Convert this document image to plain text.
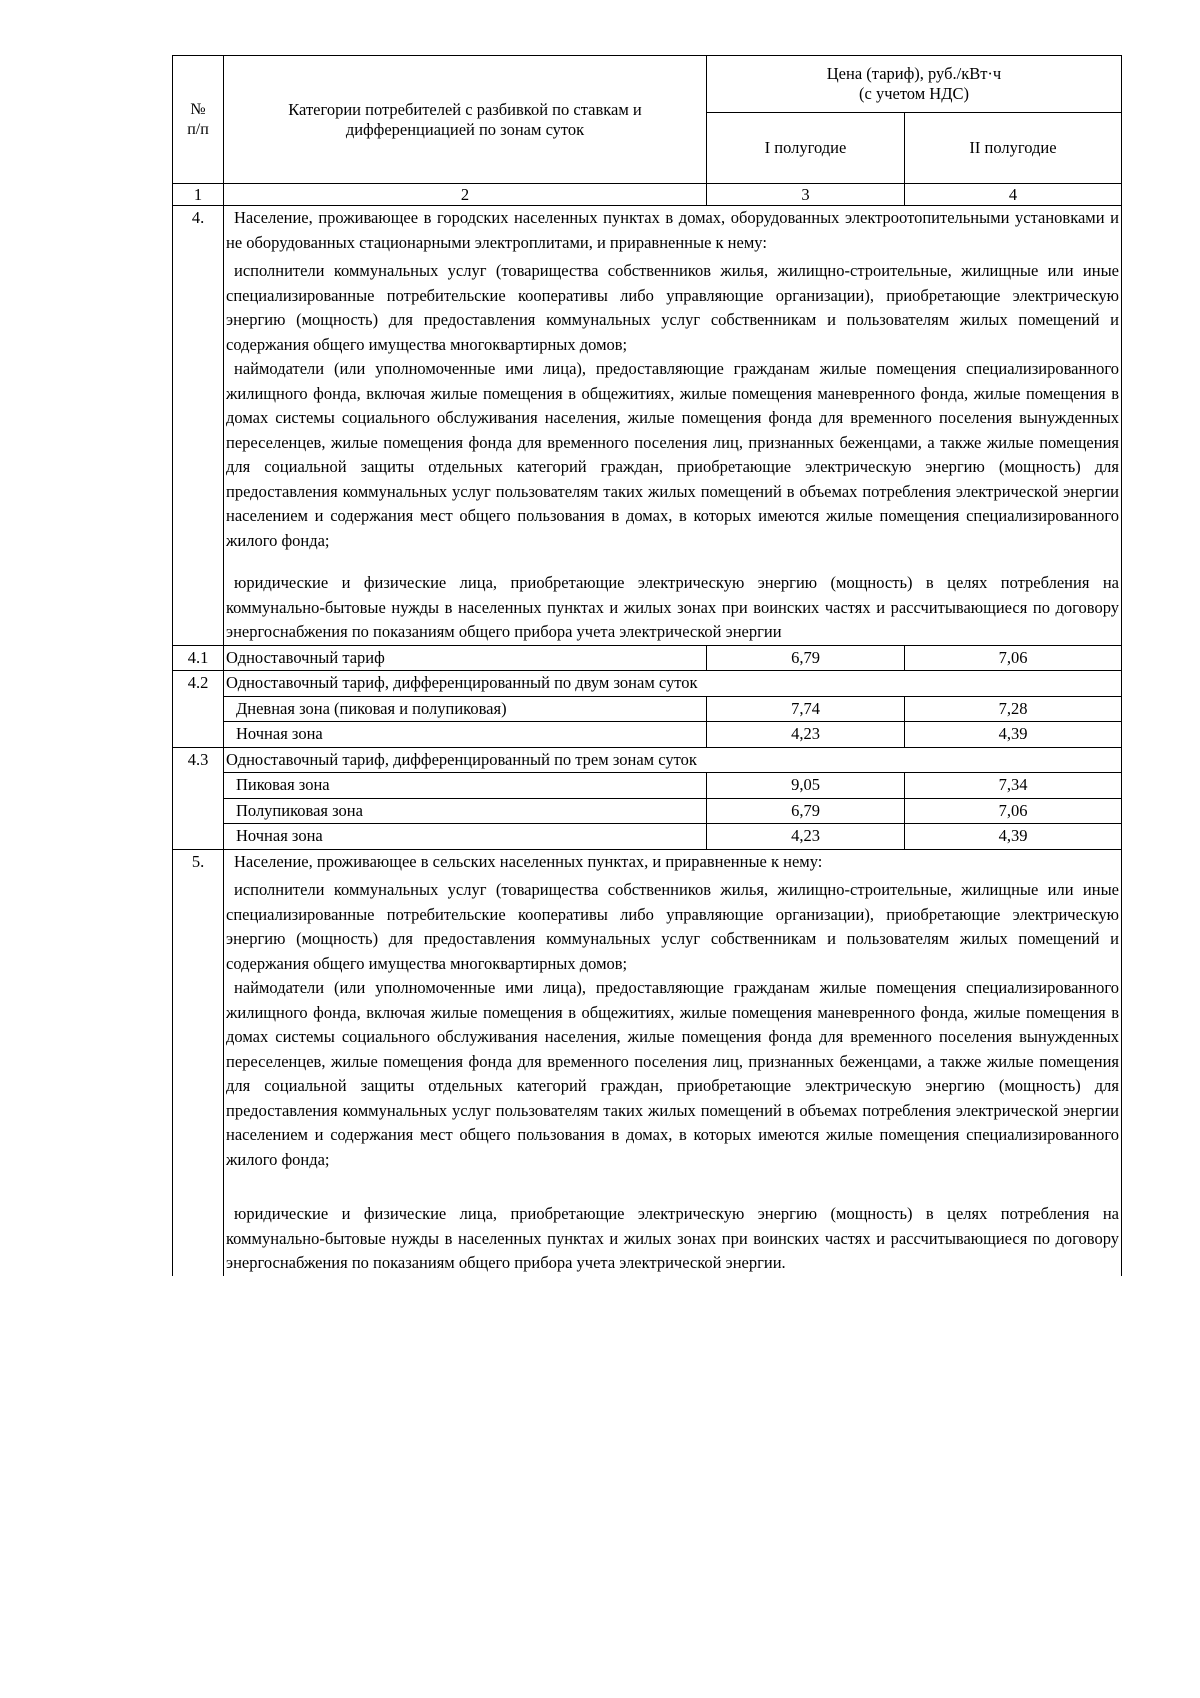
№
п/п	Категории потребителей с разбивкой по ставкам и дифференциацией по зонам суток	Цена (тариф), руб./кВт·ч
(с учетом НДС)	
		I полугодие	II полугодие
1	2	3	4
4.	Население, проживающее в городских населенных пунктах в домах, оборудованных электроотопительными установками и не оборудованных стационарными электроплитами, и приравненные к нему:
исполнители коммунальных услуг (товарищества собственников жилья, жилищно-строительные, жилищные или иные специализированные потребительские кооперативы либо управляющие организации), приобретающие электрическую энергию (мощность) для предоставления коммунальных услуг собственникам и пользователям жилых помещений и содержания общего имущества многоквартирных домов;
наймодатели (или уполномоченные ими лица), предоставляющие гражданам жилые помещения специализированного жилищного фонда, включая жилые помещения в общежитиях, жилые помещения маневренного фонда, жилые помещения в домах системы социального обслуживания населения, жилые помещения фонда для временного поселения вынужденных переселенцев, жилые помещения фонда для временного поселения лиц, признанных беженцами, а также жилые помещения для социальной защиты отдельных категорий граждан, приобретающие электрическую энергию (мощность) для предоставления коммунальных услуг пользователям таких жилых помещений в объемах потребления электрической энергии населением и содержания мест общего пользования в домах, в которых имеются жилые помещения специализированного жилого фонда;
юридические и физические лица, приобретающие электрическую энергию (мощность) в целях потребления на коммунально-бытовые нужды в населенных пунктах и жилых зонах при воинских частях и рассчитывающиеся по договору энергоснабжения по показаниям общего прибора учета электрической энергии		

4.1	Одноставочный тариф	6,79	7,06
4.2	Одноставочный тариф, дифференцированный по двум зонам суток		
	Дневная зона (пиковая и полупиковая)	7,74	7,28
	Ночная зона	4,23	4,39
4.3	Одноставочный тариф, дифференцированный по трем зонам суток		
	Пиковая зона	9,05	7,34
	Полупиковая зона	6,79	7,06
	Ночная зона	4,23	4,39
5.	Население, проживающее в сельских населенных пунктах, и приравненные к нему:
исполнители коммунальных услуг (товарищества собственников жилья, жилищно-строительные, жилищные или иные специализированные потребительские кооперативы либо управляющие организации), приобретающие электрическую энергию (мощность) для предоставления коммунальных услуг собственникам и пользователям жилых помещений и содержания общего имущества многоквартирных домов;
наймодатели (или уполномоченные ими лица), предоставляющие гражданам жилые помещения специализированного жилищного фонда, включая жилые помещения в общежитиях, жилые помещения маневренного фонда, жилые помещения в домах системы социального обслуживания населения, жилые помещения фонда для временного поселения вынужденных переселенцев, жилые помещения фонда для временного поселения лиц, признанных беженцами, а также жилые помещения для социальной защиты отдельных категорий граждан, приобретающие электрическую энергию (мощность) для предоставления коммунальных услуг пользователям таких жилых помещений в объемах потребления электрической энергии населением и содержания мест общего пользования в домах, в которых имеются жилые помещения специализированного жилого фонда;
юридические и физические лица, приобретающие электрическую энергию (мощность) в целях потребления на коммунально-бытовые нужды в населенных пунктах и жилых зонах при воинских частях и рассчитывающиеся по договору энергоснабжения по показаниям общего прибора учета электрической энергии.		
